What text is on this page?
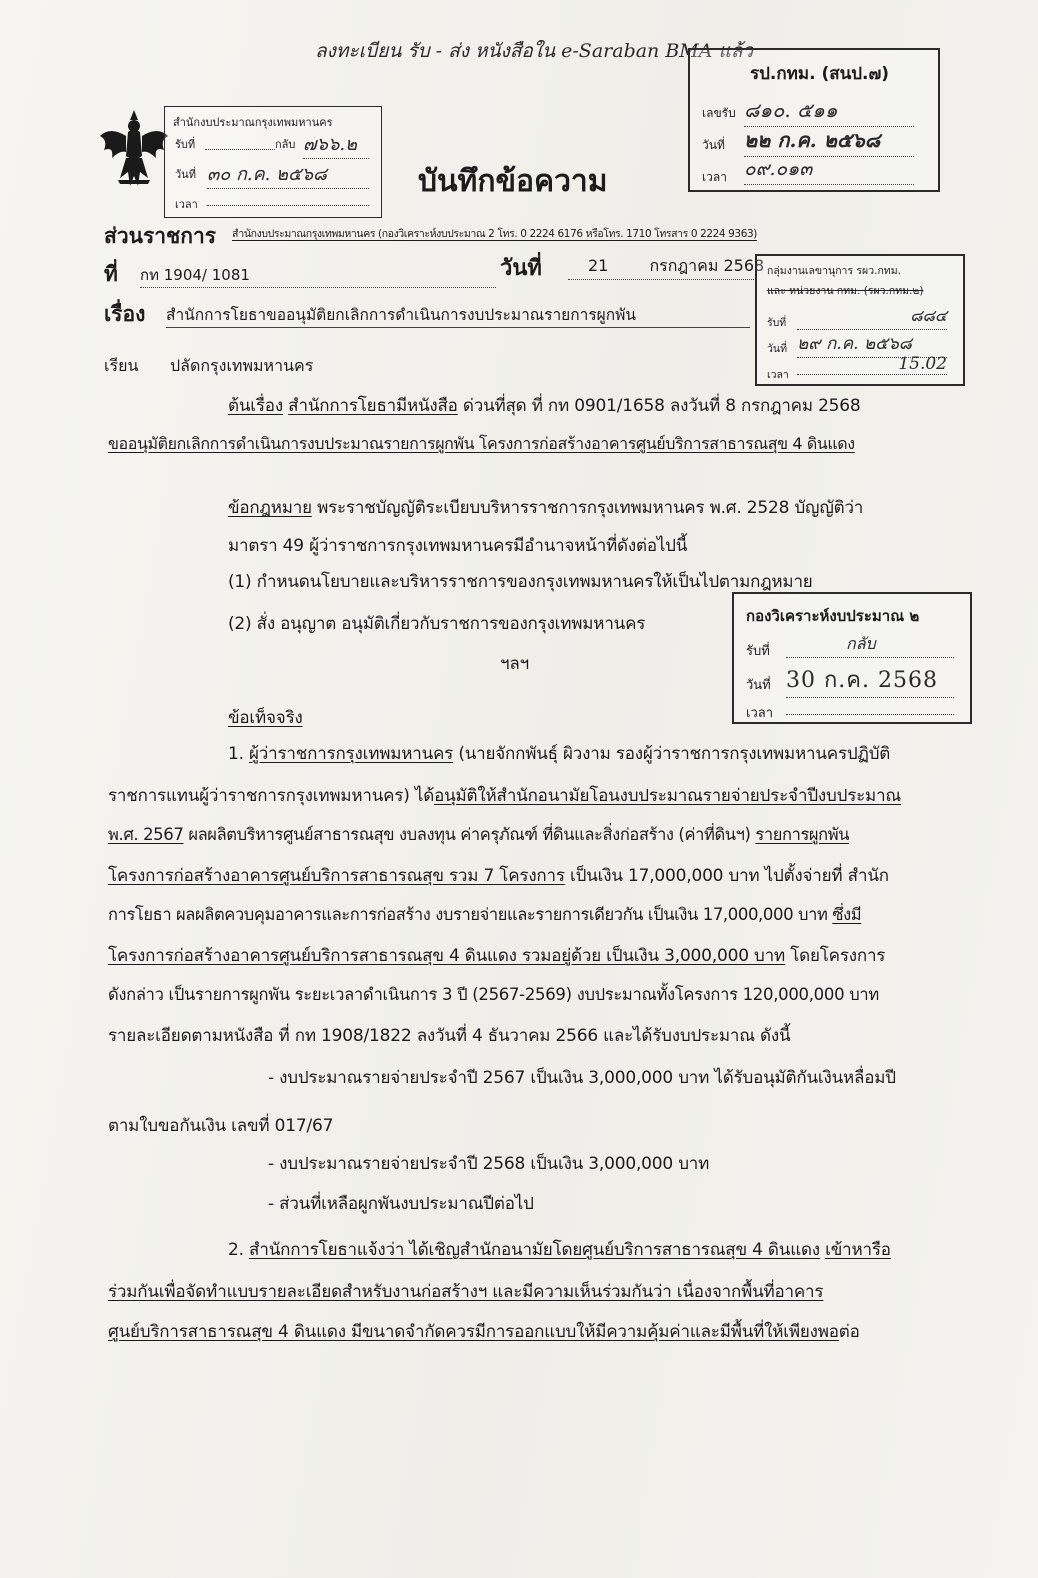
ลงทะเบียน รับ - ส่ง หนังสือใน e-Saraban BMA แล้ว
รป.กทม. (สนป.๗)
เลขรับ ๘๑๐. ๕๑๑
วันที่ ๒๒ ก.ค. ๒๕๖๘
เวลา ๐๙.๐๑๓
สำนักงบประมาณกรุงเทพมหานคร
รับที่	กลับ ๗๖๖.๒
วันที่ ๓๐ ก.ค. ๒๕๖๘
เวลา
บันทึกข้อความ
ส่วนราชการ สำนักงบประมาณกรุงเทพมหานคร (กองวิเคราะห์งบประมาณ 2 โทร. 0 2224 6176 หรือโทร. 1710 โทรสาร 0 2224 9363)
ที่ กท 1904/ 1081	วันที่	21	กรกฎาคม 2568
เรื่อง สำนักการโยธาขออนุมัติยกเลิกการดำเนินการงบประมาณรายการผูกพัน
เรียน ปลัดกรุงเทพมหานคร
กลุ่มงานเลขานุการ รผว.กทม.
และ หน่วยงาน กทม. (รผว.กทม.๒)
รับที่	๘๘๔
วันที่ ๒๙ ก.ค. ๒๕๖๘
เวลา
15.02
ต้นเรื่อง สำนักการโยธามีหนังสือ ด่วนที่สุด ที่ กท 0901/1658 ลงวันที่ 8 กรกฎาคม 2568
ขออนุมัติยกเลิกการดำเนินการงบประมาณรายการผูกพัน โครงการก่อสร้างอาคารศูนย์บริการสาธารณสุข 4 ดินแดง
ข้อกฎหมาย พระราชบัญญัติระเบียบบริหารราชการกรุงเทพมหานคร พ.ศ. 2528 บัญญัติว่า
มาตรา 49 ผู้ว่าราชการกรุงเทพมหานครมีอำนาจหน้าที่ดังต่อไปนี้
(1) กำหนดนโยบายและบริหารราชการของกรุงเทพมหานครให้เป็นไปตามกฎหมาย
(2) สั่ง อนุญาต อนุมัติเกี่ยวกับราชการของกรุงเทพมหานคร
ฯลฯ
กองวิเคราะห์งบประมาณ ๒
รับที่	กลับ
วันที่ 30 ก.ค. 2568
เวลา
ข้อเท็จจริง
1. ผู้ว่าราชการกรุงเทพมหานคร (นายจักกพันธุ์ ผิวงาม รองผู้ว่าราชการกรุงเทพมหานครปฏิบัติ
ราชการแทนผู้ว่าราชการกรุงเทพมหานคร) ได้อนุมัติให้สำนักอนามัยโอนงบประมาณรายจ่ายประจำปีงบประมาณ
พ.ศ. 2567 ผลผลิตบริหารศูนย์สาธารณสุข งบลงทุน ค่าครุภัณฑ์ ที่ดินและสิ่งก่อสร้าง (ค่าที่ดินฯ) รายการผูกพัน
โครงการก่อสร้างอาคารศูนย์บริการสาธารณสุข รวม 7 โครงการ เป็นเงิน 17,000,000 บาท ไปตั้งจ่ายที่ สำนัก
การโยธา ผลผลิตควบคุมอาคารและการก่อสร้าง งบรายจ่ายและรายการเดียวกัน เป็นเงิน 17,000,000 บาท ซึ่งมี
โครงการก่อสร้างอาคารศูนย์บริการสาธารณสุข 4 ดินแดง รวมอยู่ด้วย เป็นเงิน 3,000,000 บาท โดยโครงการ
ดังกล่าว เป็นรายการผูกพัน ระยะเวลาดำเนินการ 3 ปี (2567-2569) งบประมาณทั้งโครงการ 120,000,000 บาท
รายละเอียดตามหนังสือ ที่ กท 1908/1822 ลงวันที่ 4 ธันวาคม 2566 และได้รับงบประมาณ ดังนี้
- งบประมาณรายจ่ายประจำปี 2567 เป็นเงิน 3,000,000 บาท ได้รับอนุมัติกันเงินหลื่อมปี
ตามใบขอกันเงิน เลขที่ 017/67
- งบประมาณรายจ่ายประจำปี 2568 เป็นเงิน 3,000,000 บาท
- ส่วนที่เหลือผูกพันงบประมาณปีต่อไป
2. สำนักการโยธาแจ้งว่า ได้เชิญสำนักอนามัยโดยศูนย์บริการสาธารณสุข 4 ดินแดง เข้าหารือ
ร่วมกันเพื่อจัดทำแบบรายละเอียดสำหรับงานก่อสร้างฯ และมีความเห็นร่วมกันว่า เนื่องจากพื้นที่อาคาร
ศูนย์บริการสาธารณสุข 4 ดินแดง มีขนาดจำกัดควรมีการออกแบบให้มีความคุ้มค่าและมีพื้นที่ให้เพียงพอต่อ
